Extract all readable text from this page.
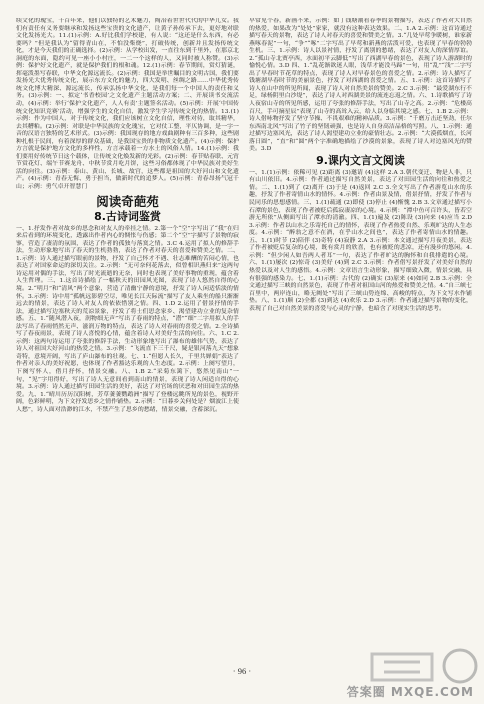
续文化的瑰宝，千百年来，他们以独特的艺术魅力，陶冶着世世代代的中华儿女。我们有责任有义务要继承和发扬这些宝贵的文化遗产，让黄子孙传承下去，更好地对联文化发扬光大。11.(1)示例：A.好比我们学校建，有人说：“这还是什么东西，有必要吗？”但是我认为“留得青山在，不怕没柴烧”，打破传统，创新并且发扬传统文化，才是今天我们的正确选择。(2)示例：从学校出发，一直往东到千里外，在那京北洞庭的东面，隐约可见一座小小村庄，一二一个这样的人，又同时被人称赞。(3)示例：保护好文化遗产，就是保护我们的根和魂。12.(1)示例：春节期间，赏灯猜谜，挥毫泼墨写春联，中华文化源远流长。(2)示例：我国是举世瞩目的文明古国，我们要发扬光大优秀传统文化，展示东方文化的魅力，四大发明、丝绸之路……中华优秀传统文化博大精深、源远流长，传承弘扬中华文化，是我们每一个中国人的责任和义务。(3)示例：一、拟定‘书香校园’之文化遗产主题活动方案；二、开展读书交流活动，(4)示例：举行‘保护文化遗产，人人有责’主题签名活动。(5)示例：开展‘中国传统文化知识竞赛’活动，增强学生的文化自信，激发学生学习传统文化的热情。13.(1)示例：作为中国人，对于传统文化，我们应该树立文化自信，理性对待，取其精华，去其糟粕。(2)示例：对联是中华民族的文化瑰宝，它对仗工整，平仄协调，是一字一音的汉语言独特的艺术形式。(3)示例：我国现存的地方戏曲剧种有三百多种，这些剧种扎根于民间，有着深厚的群众基础，是我国宝贵的非物质文化遗产。(4)示例：保护方言就是保护地方文化的多样性，方言承载着一方水土的风俗人情。14.(1)示例：我们要用好传统节日这个载体，让传统文化焕发新的光彩。(2)示例：春节贴春联、元宵节赏花灯、端午节赛龙舟、中秋节赏月吃月饼，这些习俗都体现了中华民族对美好生活的向往。(3)示例：泰山、黄山、长城、故宫，这些都是祖国的大好河山和文化遗产。(4)示例：青春无悔、勇于担当，做新时代的追梦人。(5)示例：青春昂扬气冠千山；示例：勇气卓开智慧门

阅读奇葩苑
8.古诗词鉴赏

一、1.抒发作者对故乡的思念和对友人的牵挂之情。2.第一个“空”字写出了“我”在归来后看到的环境变化，透露出作者内心的惆怅与伤感；第二个“空”字描写了景物的寂寥，营造了凄清的氛围，表达了作者的孤独与落寞之情。3.C 4.运用了拟人的修辞手法，生动形象地写出了春天的生机勃勃，表达了作者对春天的喜爱和赞美之情。二、1.示例：诗人通过描写眼前的景物，抒发了自己怀才不遇、壮志难酬的苦闷心情，也表达了对国家命运的深切关注。2.示例：“无可奈何花落去，似曾相识燕归来”这两句诗运用对偶的手法，写出了时光流逝的无奈，同时也表现了美好事物的重现，蕴含着人生哲理。三、1.这首诗描绘了一幅秋天的田园风光图，表现了诗人悠然自得的心境。2.“明月”和“清风”两个意象，营造了清幽宁静的意境，抒发了诗人闲适恬淡的情怀。3.示例：诗中用“孤帆远影碧空尽，唯见长江天际流”描写了友人乘坐的船只渐渐远去的情景，表达了诗人对友人的依依惜别之情。四、1.D 2.运用了借景抒情的手法，通过描写边塞秋天的荒凉景象，抒发了将士们思念家乡、渴望建功立业的复杂情感。五、1.“随风潜入夜，润物细无声”写出了春雨的特点，“潜”“细”二字用拟人的手法写出了春雨悄然无声、滋润万物的特点，表达了诗人对春雨的喜爱之情。2.全诗描写了春夜雨景，表现了诗人喜悦的心情，蕴含着诗人对美好生活的向往。六、1.C 2.示例：这两句诗运用了夸张的修辞手法，生动形象地写出了瀑布的雄伟气势，表达了诗人对祖国大好河山的热爱之情。3.示例：“飞流直下三千尺，疑是银河落九天”想象奇特，意境开阔，写出了庐山瀑布的壮观。七、1.“但愿人长久，千里共婵娟”表达了作者对亲人的美好祝愿，也体现了作者豁达乐观的人生态度。2.示例：上阕写望月，下阕写怀人，借月抒怀，情景交融。八、1.B 2.“采菊东篱下，悠然见南山”一句，“见”字用得好，写出了诗人无意间看到南山的情景，表现了诗人闲适自得的心境。3.示例：诗人通过描写田园生活的美好，表达了对官场的厌恶和对田园生活的热爱。九、1.“晴川历历汉阳树，芳草萋萋鹦鹉洲”描写了登楼远眺所见的景色，视野开阔，色彩鲜明，为下文抒发思乡之情作铺垫。2.示例：“日暮乡关何处是？烟波江上使人愁”，诗人面对浩渺的江水，不禁产生了思乡的愁绪，情景交融，含蓄深沉。

早常见个春，新画不来，示例：如丁钱塘潮看春季的景物描写，表达了作者对大自然的热爱，如果改为“处处”家家，就没有这种表达效果。二、1.A 2.示例：这首诗通过描写春天的景物，表达了诗人对春天的喜爱和赞美之情。3.“几处早莺争暖树，谁家新燕啄春泥”一句，“争”“啄”二字写出了早莺和新燕的活泼可爱，也表现了早春的勃勃生机。三、1.示例：诗人以景衬情，抒发了离别的愁绪，表达了对友人的深情厚谊。2.“孤山寺北贾亭西，水面初平云脚低”写出了西湖早春的景色，表现了诗人游湖时的愉悦心情。3.D 四、1.“乱花渐欲迷人眼，浅草才能没马蹄”一句，用“乱”“浅”二字写出了早春时节花草的特点，表现了诗人对早春景色的喜爱之情。2.示例：诗人描写了钱塘湖早春时节的美丽景色，抒发了对西湖的喜爱之情。五、1.示例：这首诗描写了诗人在山中的所见所闻，表现了诗人对自然美景的赞美。2.C 3.示例：“最爱湖东行不足，绿杨阴里白沙堤”，表达了诗人对西湖美景的流连忘返之情。六、1.诗歌描写了诗人夜宿山寺的所见所感，运用了夸张的修辞手法，写出了山寺之高。2.示例：“危楼高百尺，手可摘星辰”表现了山寺的高耸入云，给人以身临其境之感。七、1.B 2.示例：诗人借咏物抒发了坚守节操、不畏艰难的精神品质。3.示例：“千磨万击还坚劲，任尔东西南北风”写出了竹子的坚韧顽强，也是诗人自身高洁品格的写照。八、1.示例：通过描写边塞风光，表达了诗人渴望建功立业的豪情壮志。2.示例：“大漠孤烟直，长河落日圆”，“直”和“圆”两个字准确地描绘了沙漠的景象，表现了诗人对边塞风光的赞美。3.D

9.课内文言文阅读

一、1.(1)示例：依稀可见 (2)距离 (3)邀请 (4)这样 2.A 3.朝代变迁、物是人非，只有山川依旧。4.示例：作者通过描写自然美景，表达了对田园生活的向往和热爱之情。二、1.(1)到了 (2)离开 (3)于是 (4)返回 2.C 3.全文写出了作者游览山水的乐趣，抒发了作者寄情山水的情怀。4.示例：作者由景及情，借景抒情，抒发了作者与民同乐的思想感情。三、1.(1)疏通 (2)即使 (3)停止 (4)惭愧 2.B 3.文章通过描写小石潭的景色，表现了作者被贬后孤寂凄凉的心境。4.示例：“潭中鱼可百许头，皆若空游无所依”从侧面写出了潭水的清澈。四、1.(1)遍及 (2)陈设 (3)向来 (4)应当 2.D 3.示例：作者以山水之乐寄托自己的情怀，表现了作者热爱自然、乐观旷达的人生态度。4.示例：“醉翁之意不在酒，在乎山水之间也”，表达了作者寄情山水的情趣。五、1.(1)时节 (2)陪伴 (3)奇特 (4)寂静 2.A 3.示例：本文通过描写月夜美景，表达了作者被贬后复杂的心境，既有赏月的欣喜，也有被贬的悲凉，还有漫步的悠闲。4.示例：“但少闲人如吾两人者耳”一句，表达了作者旷达的胸怀和自我排遣的心境。六、1.(1)屡次 (2)惊奇 (3)美好 (4)到 2.C 3.示例：作者借写景抒发了对美好自然的热爱以及对人生的感悟。4.示例：文章语言生动形象，描写细致入微，情景交融，具有很强的感染力。七、1.(1)示例：古代的 (2)确实 (3)原来 (4)如同 2.B 3.示例：全文通过描写三峡的自然景色，表现了作者对祖国山河的热爱和赞美之情。4.“自三峡七百里中，两岸连山，略无阙处”写出了三峡山势连绵、高峻的特点，为下文写水作铺垫。八、1.(1)顺 (2)全都 (3)到达 (4)欢乐 2.D 3.示例：作者通过描写景物的变化，表现了自己对自然美景的喜爱与心灵的宁静，也暗含了对现实生活的思考。

· 96 ·
答案圈 MXQE.COM
